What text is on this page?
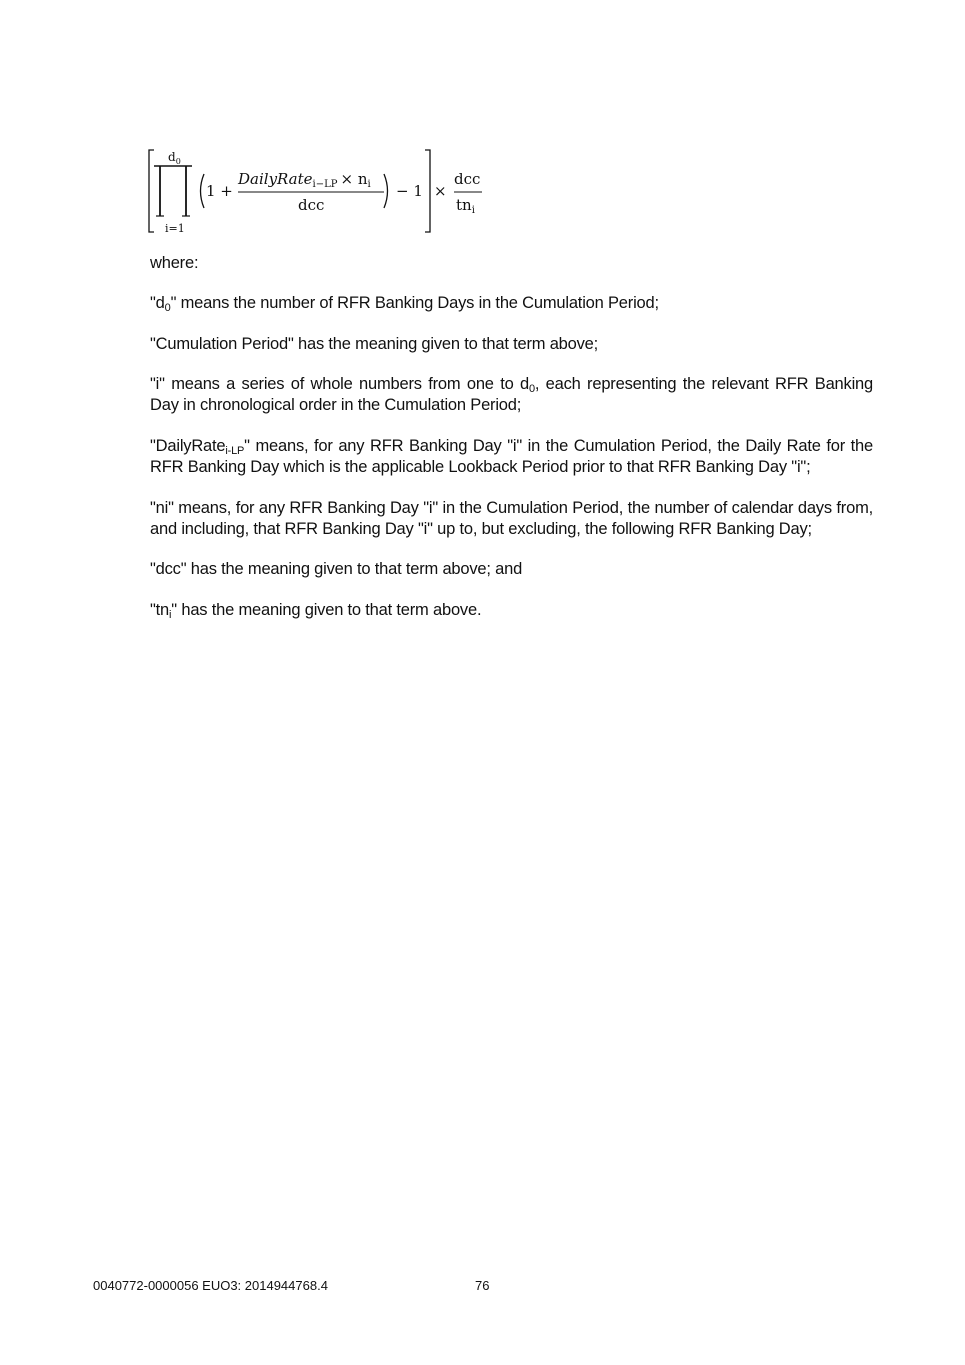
$d_0$
i=1
1 +
DailyRate$_{i-LP}$ × $n_i$
dcc
− 1 ×
dcc
$tn_i$
where:
"$d_0$" means the number of RFR Banking Days in the Cumulation Period;
"Cumulation Period" has the meaning given to that term above;
"i" means a series of whole numbers from one to $d_0$, each representing the relevant RFR Banking Day in chronological order in the Cumulation Period;
"DailyRate$_{i-LP}$" means, for any RFR Banking Day "i" in the Cumulation Period, the Daily Rate for the RFR Banking Day which is the applicable Lookback Period prior to that RFR Banking Day "i";
"ni" means, for any RFR Banking Day "i" in the Cumulation Period, the number of calendar days from, and including, that RFR Banking Day "i" up to, but excluding, the following RFR Banking Day;
"dcc" has the meaning given to that term above; and
"$tn_i$" has the meaning given to that term above.
0040772-0000056 EUO3: 2014944768.4	76
